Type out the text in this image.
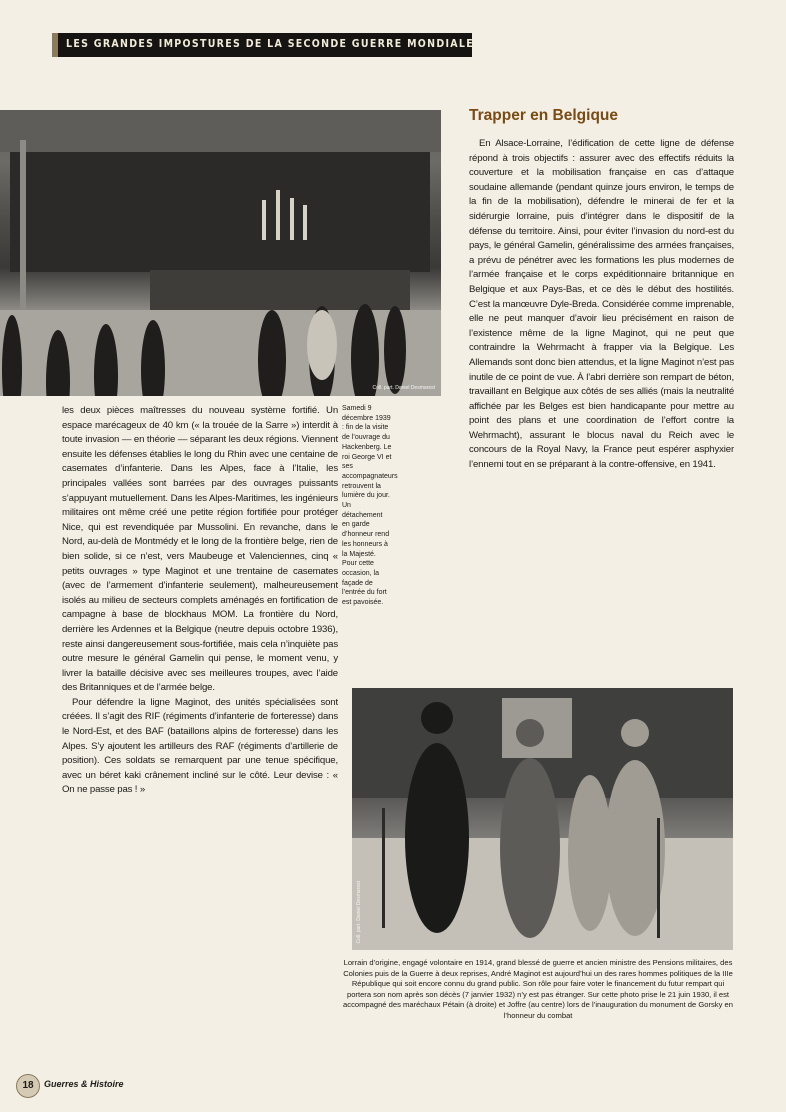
LES GRANDES IMPOSTURES DE LA SECONDE GUERRE MONDIALE
Coll. part. Daniel Desmarest
Samedi 9 décembre 1939 : fin de la visite de l’ouvrage du Hackenberg. Le roi George VI et ses accompagnateurs retrouvent la lumière du jour. Un détachement en garde d’honneur rend les honneurs à la Majesté. Pour cette occasion, la façade de l’entrée du fort est pavoisée.

les deux pièces maîtresses du nouveau système fortifié. Un espace marécageux de 40 km (« la trouée de la Sarre ») interdit à toute invasion — en théorie — séparant les deux régions. Viennent ensuite les défenses établies le long du Rhin avec une centaine de casemates d’infanterie. Dans les Alpes, face à l’Italie, les principales vallées sont barrées par des ouvrages puissants s’appuyant mutuellement. Dans les Alpes-Maritimes, les ingénieurs militaires ont même créé une petite région fortifiée pour protéger Nice, qui est revendiquée par Mussolini. En revanche, dans le Nord, au-delà de Montmédy et le long de la frontière belge, rien de bien solide, si ce n’est, vers Maubeuge et Valenciennes, cinq « petits ouvrages » type Maginot et une trentaine de casemates (avec de l’armement d’infanterie seulement), malheureusement isolés au milieu de secteurs complets aménagés en fortification de campagne à base de blockhaus MOM. La frontière du Nord, derrière les Ardennes et la Belgique (neutre depuis octobre 1936), reste ainsi dangereusement sous-fortifiée, mais cela n’inquiète pas outre mesure le général Gamelin qui pense, le moment venu, y livrer la bataille décisive avec ses meilleures troupes, avec l’aide des Britanniques et de l’armée belge.

Pour défendre la ligne Maginot, des unités spécialisées sont créées. Il s’agit des RIF (régiments d’infanterie de forteresse) dans le Nord-Est, et des BAF (bataillons alpins de forteresse) dans les Alpes. S’y ajoutent les artilleurs des RAF (régiments d’artillerie de position). Ces soldats se remarquent par une tenue spécifique, avec un béret kaki crânement incliné sur le côté. Leur devise : « On ne passe pas ! »

Trapper en Belgique

En Alsace-Lorraine, l’édification de cette ligne de défense répond à trois objectifs : assurer avec des effectifs réduits la couverture et la mobilisation française en cas d’attaque soudaine allemande (pendant quinze jours environ, le temps de la fin de la mobilisation), défendre le minerai de fer et la sidérurgie lorraine, puis d’intégrer dans le dispositif de la défense du territoire. Ainsi, pour éviter l’invasion du nord-est du pays, le général Gamelin, généralissime des armées françaises, a prévu de pénétrer avec les formations les plus modernes de l’armée française et le corps expéditionnaire britannique en Belgique et aux Pays-Bas, et ce dès le début des hostilités. C’est la manœuvre Dyle-Breda. Considérée comme imprenable, elle ne peut manquer d’avoir lieu précisément en raison de l’existence même de la ligne Maginot, qui ne peut que contraindre la Wehrmacht à frapper via la Belgique. Les Allemands sont donc bien attendus, et la ligne Maginot n’est pas inutile de ce point de vue. À l’abri derrière son rempart de béton, travaillant en Belgique aux côtés de ses alliés (mais la neutralité affichée par les Belges est bien handicapante pour mettre au point des plans et une coordination de l’effort contre la Wehrmacht), assurant le blocus naval du Reich avec le concours de la Royal Navy, la France peut espérer asphyxier l’ennemi tout en se préparant à la contre-offensive, en 1941.

Coll. part. Daniel Desmarest
Lorrain d’origine, engagé volontaire en 1914, grand blessé de guerre et ancien ministre des Pensions militaires, des Colonies puis de la Guerre à deux reprises, André Maginot est aujourd’hui un des rares hommes politiques de la IIIe République qui soit encore connu du grand public. Son rôle pour faire voter le financement du futur rempart qui portera son nom après son décès (7 janvier 1932) n’y est pas étranger. Sur cette photo prise le 21 juin 1930, il est accompagné des maréchaux Pétain (à droite) et Joffre (au centre) lors de l’inauguration du monument de Gorsky en l’honneur du combat
18	Guerres & Histoire
